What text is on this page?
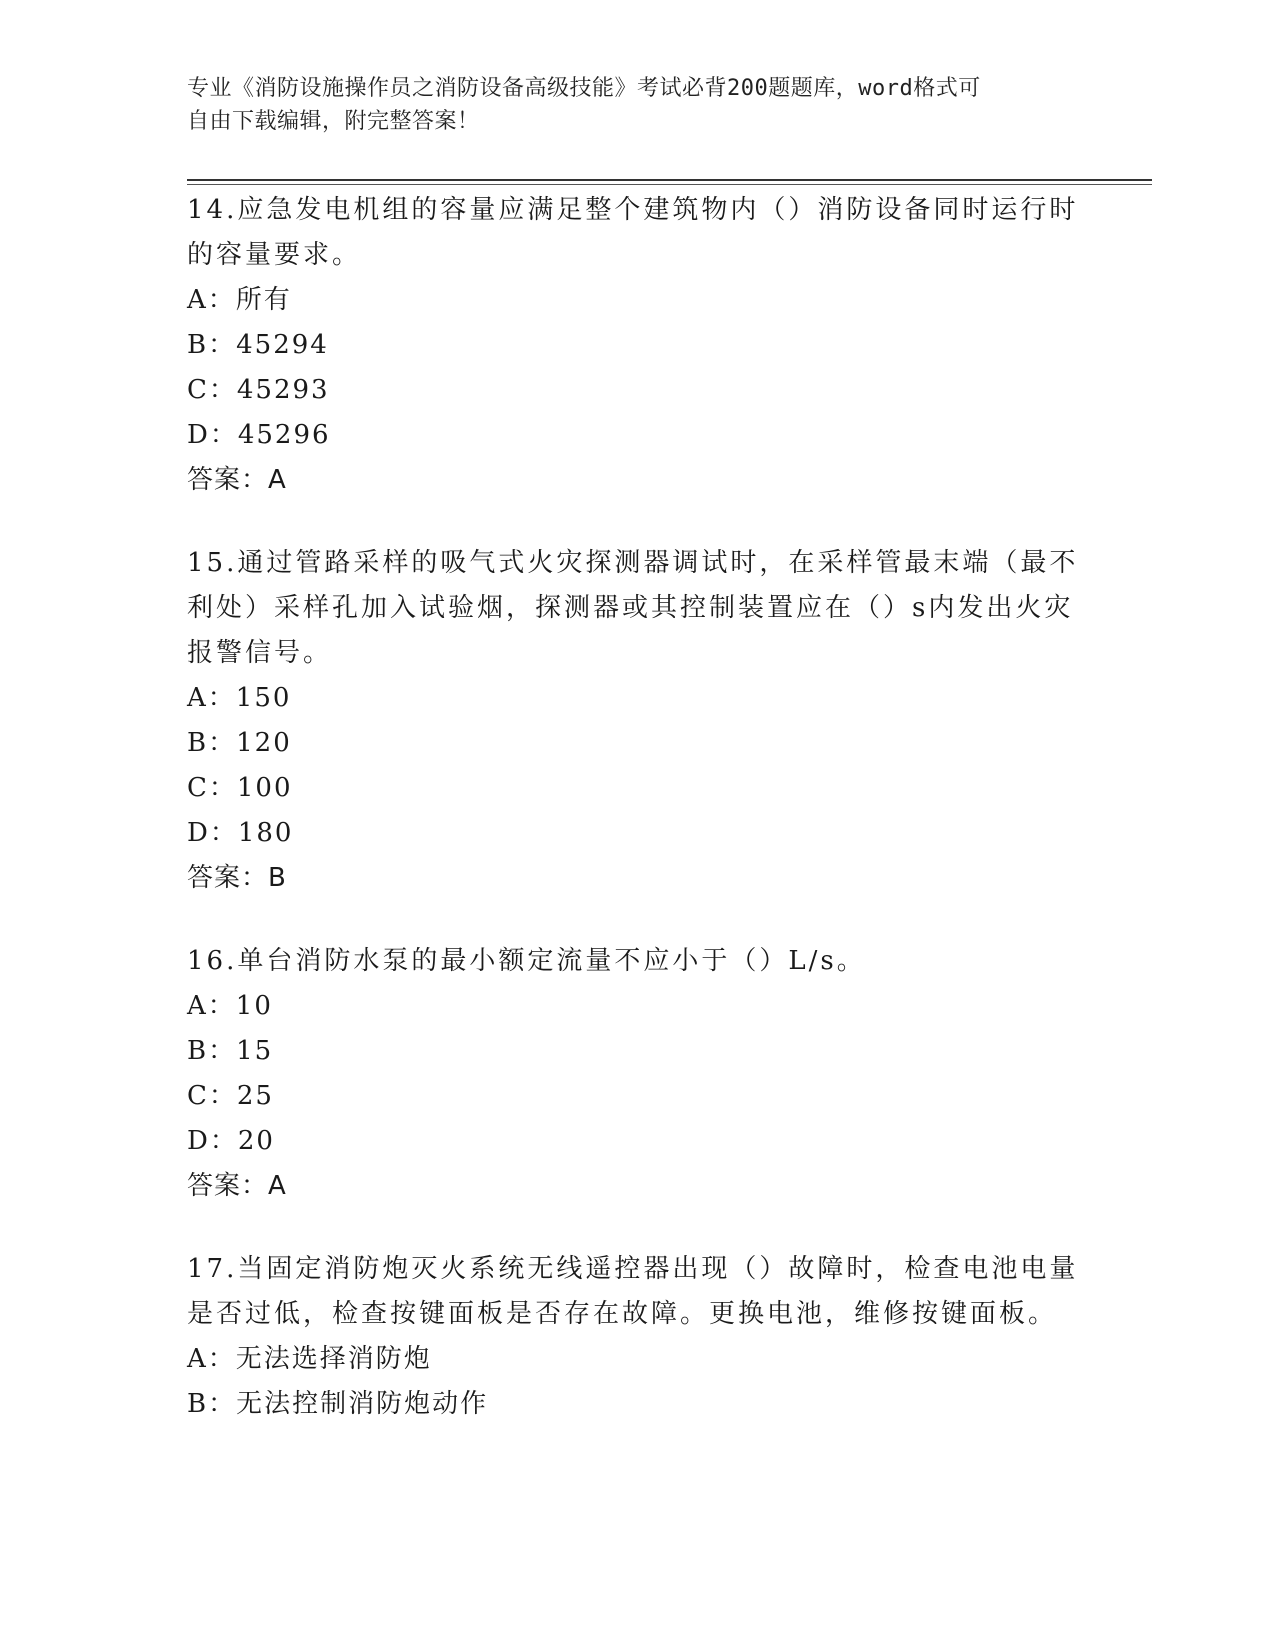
专业《消防设施操作员之消防设备高级技能》考试必背200题题库，word格式可
自由下载编辑，附完整答案！

14.应急发电机组的容量应满足整个建筑物内（）消防设备同时运行时的容量要求。

A：所有

B：45294

C：45293

D：45296

答案：A

15.通过管路采样的吸气式火灾探测器调试时，在采样管最末端（最不利处）采样孔加入试验烟，探测器或其控制装置应在（）s内发出火灾报警信号。

A：150

B：120

C：100

D：180

答案：B

16.单台消防水泵的最小额定流量不应小于（）L/s。

A：10

B：15

C：25

D：20

答案：A

17.当固定消防炮灭火系统无线遥控器出现（）故障时，检查电池电量是否过低，检查按键面板是否存在故障。更换电池，维修按键面板。

A：无法选择消防炮

B：无法控制消防炮动作
